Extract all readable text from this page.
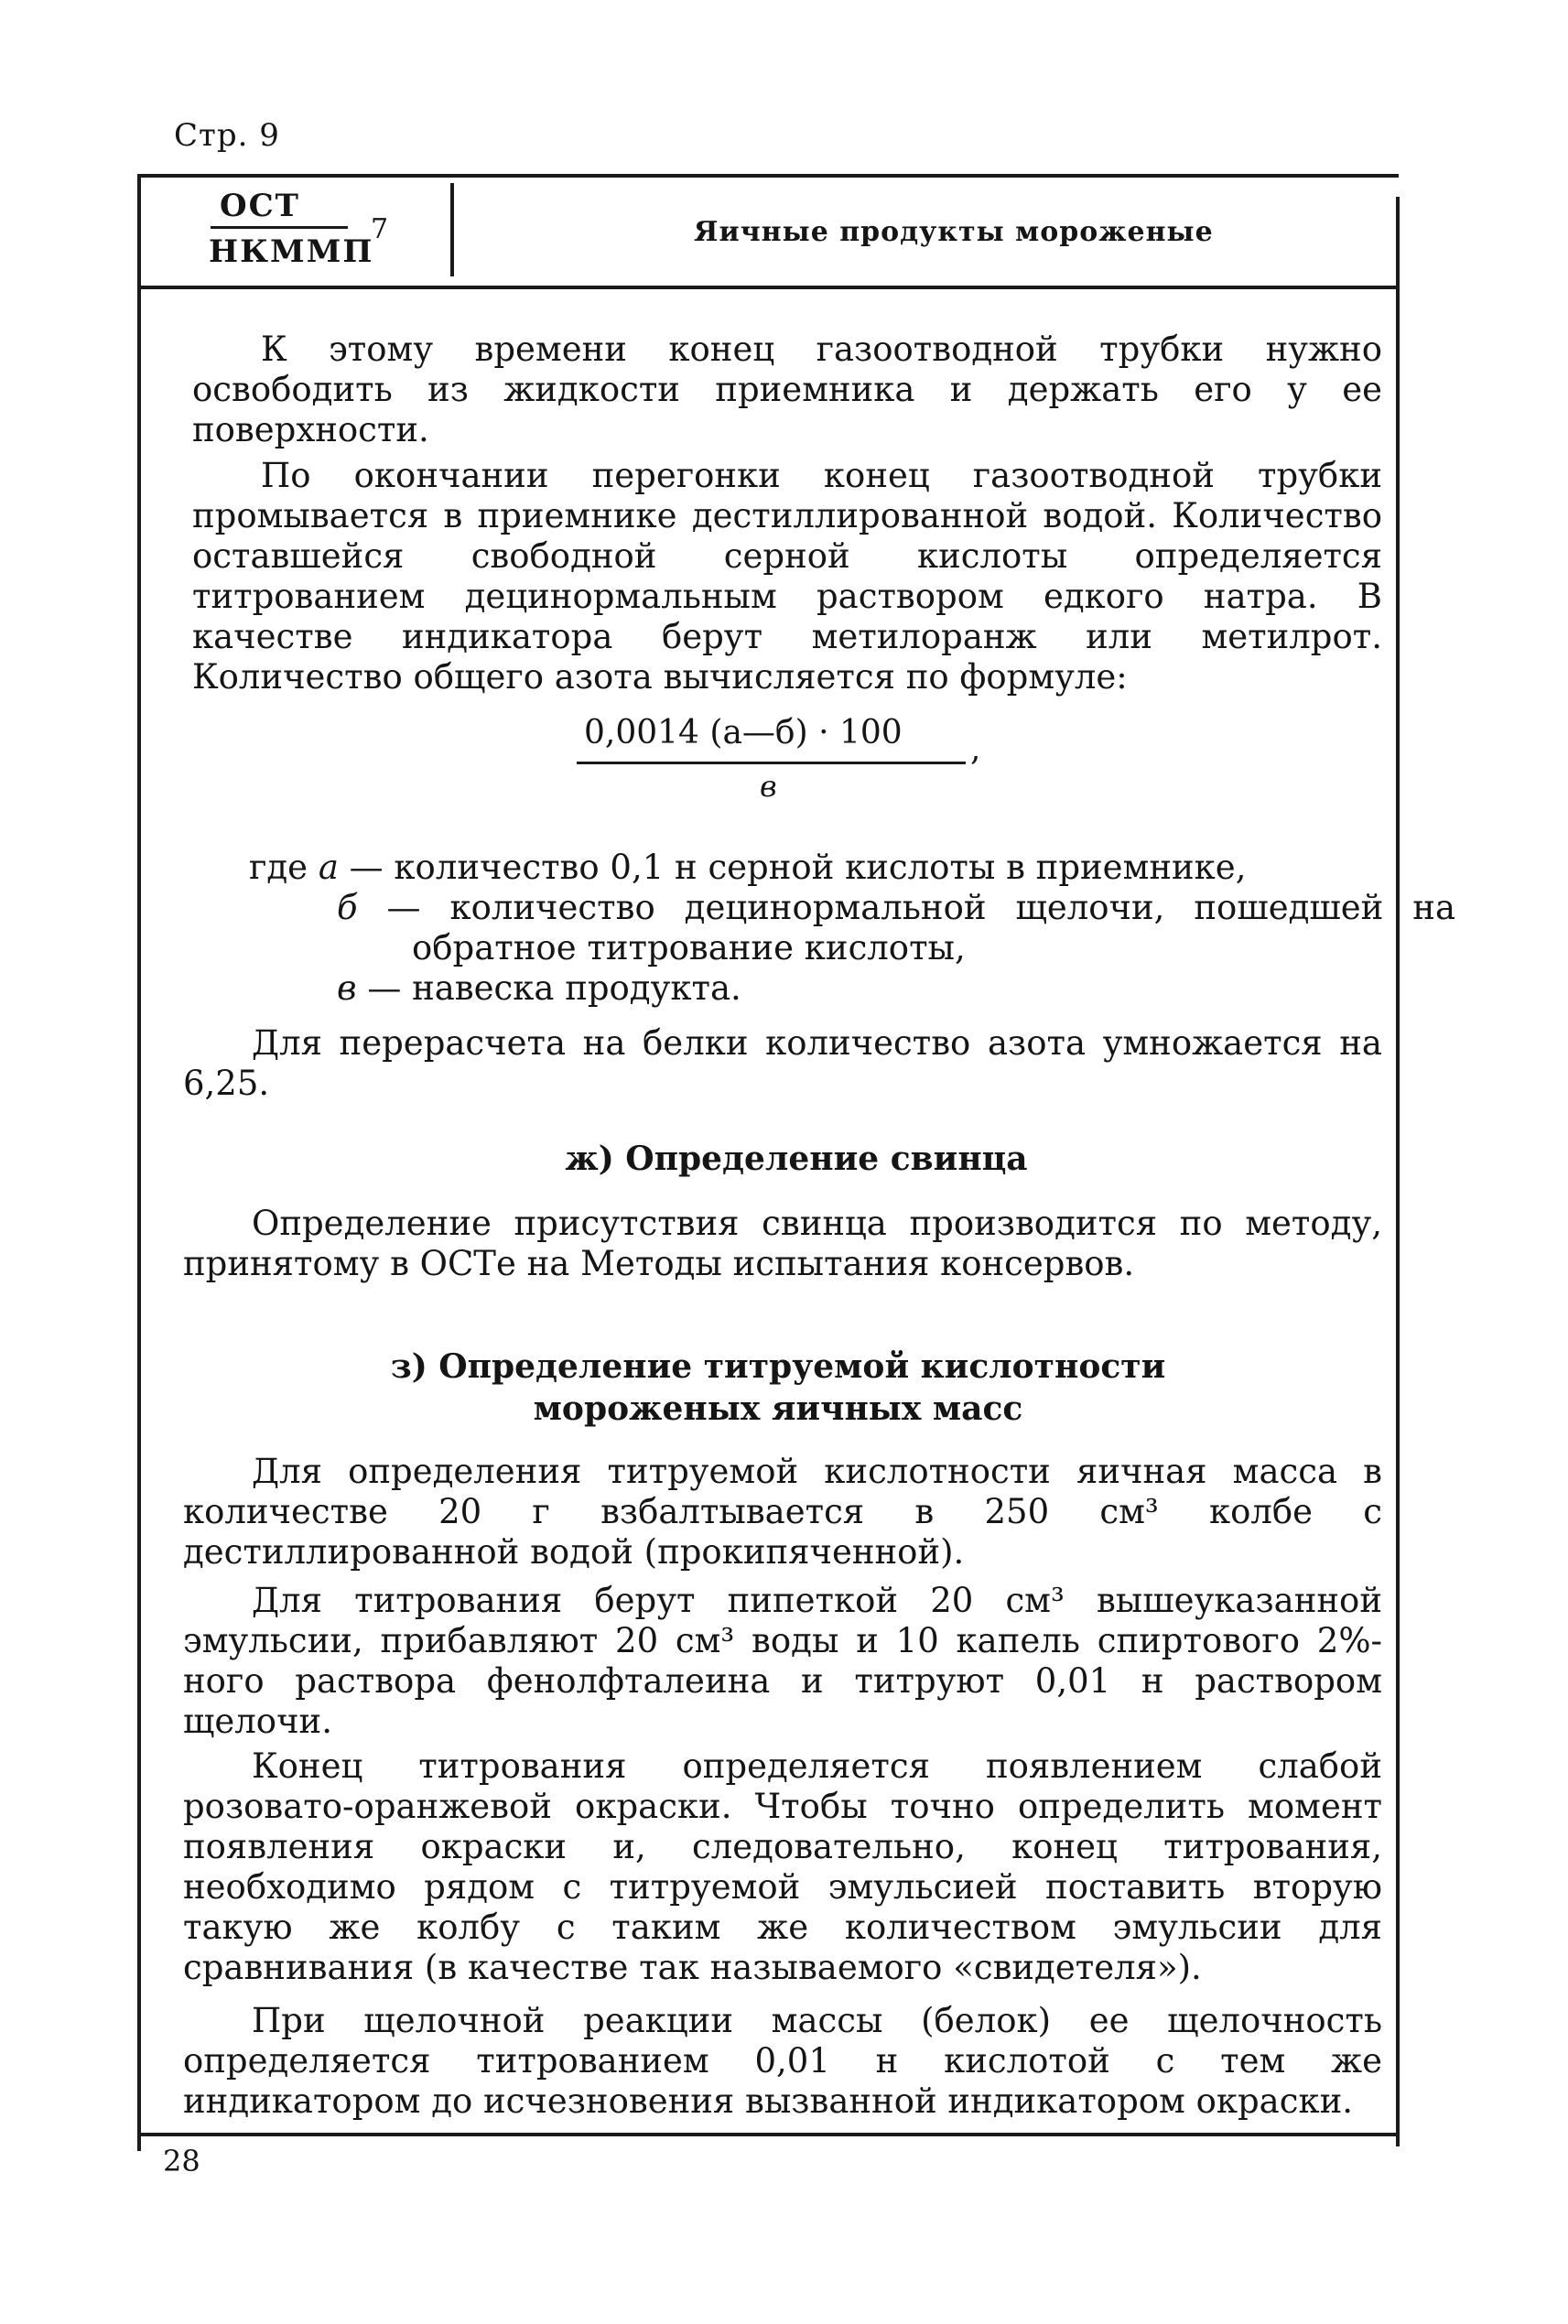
Стр. 9
ОСТ
НКММП
7	Яичные продукты мороженые
К этому времени конец газоотводной трубки нужно освободить из жидкости приемника и держать его у ее поверхности.
По окончании перегонки конец газоотводной трубки промывается в приемнике дестиллированной водой. Количество оставшейся свободной серной кислоты определяется титрованием децинормальным раствором едкого натра. В качестве индикатора берут метилоранж или метилрот. Количество общего азота вычисляется по формуле:
0,0014 (а—б) · 100 ,
в
где а — количество 0,1 н серной кислоты в приемнике,
б — количество децинормальной щелочи, пошедшей на обратное титрование кислоты,
в — навеска продукта.
Для перерасчета на белки количество азота умножается на 6,25.
ж) Определение свинца
Определение присутствия свинца производится по методу, принятому в ОСТе на Методы испытания консервов.
з) Определение титруемой кислотности мороженых яичных масс
Для определения титруемой кислотности яичная масса в количестве 20 г взбалтывается в 250 см³ колбе с дестиллированной водой (прокипяченной).
Для титрования берут пипеткой 20 см³ вышеуказанной эмульсии, прибавляют 20 см³ воды и 10 капель спиртового 2%-ного раствора фенолфталеина и титруют 0,01 н раствором щелочи.
Конец титрования определяется появлением слабой розовато-оранжевой окраски. Чтобы точно определить момент появления окраски и, следовательно, конец титрования, необходимо рядом с титруемой эмульсией поставить вторую такую же колбу с таким же количеством эмульсии для сравнивания (в качестве так называемого «свидетеля»).
При щелочной реакции массы (белок) ее щелочность определяется титрованием 0,01 н кислотой с тем же индикатором до исчезновения вызванной индикатором окраски.
28
